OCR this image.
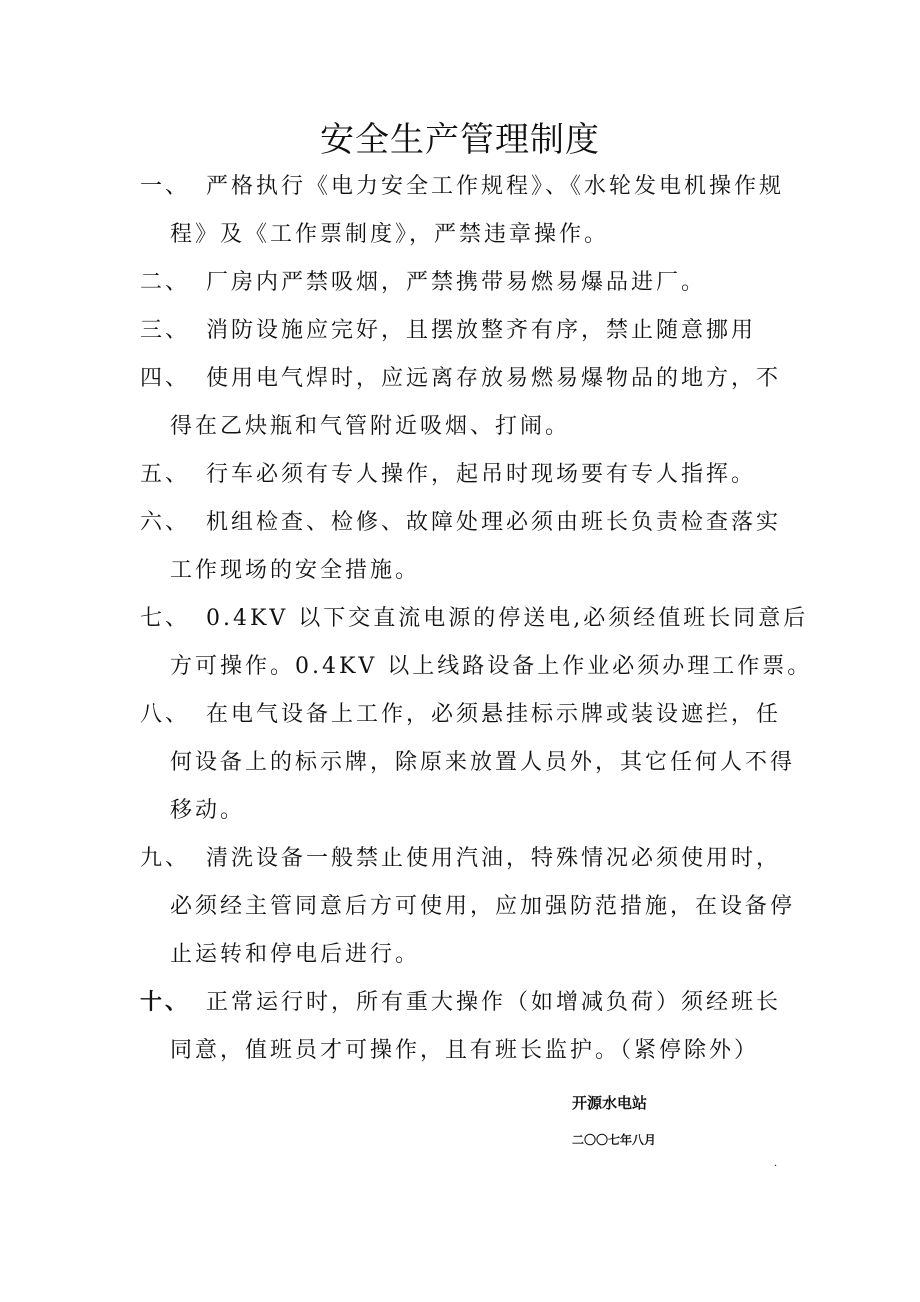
安全生产管理制度
一、 严格执行《电力安全工作规程》、《水轮发电机操作规
程》及《工作票制度》，严禁违章操作。
二、 厂房内严禁吸烟，严禁携带易燃易爆品进厂。
三、 消防设施应完好，且摆放整齐有序，禁止随意挪用
四、 使用电气焊时，应远离存放易燃易爆物品的地方，不
得在乙炔瓶和气管附近吸烟、打闹。
五、 行车必须有专人操作，起吊时现场要有专人指挥。
六、 机组检查、检修、故障处理必须由班长负责检查落实
工作现场的安全措施。
七、 0.4KV 以下交直流电源的停送电,必须经值班长同意后
方可操作。0.4KV 以上线路设备上作业必须办理工作票。
八、 在电气设备上工作，必须悬挂标示牌或装设遮拦，任
何设备上的标示牌，除原来放置人员外，其它任何人不得
移动。
九、 清洗设备一般禁止使用汽油，特殊情况必须使用时，
必须经主管同意后方可使用，应加强防范措施，在设备停
止运转和停电后进行。
十、 正常运行时，所有重大操作（如增减负荷）须经班长
同意，值班员才可操作，且有班长监护。（紧停除外）
开源水电站
二〇〇七年八月
.
